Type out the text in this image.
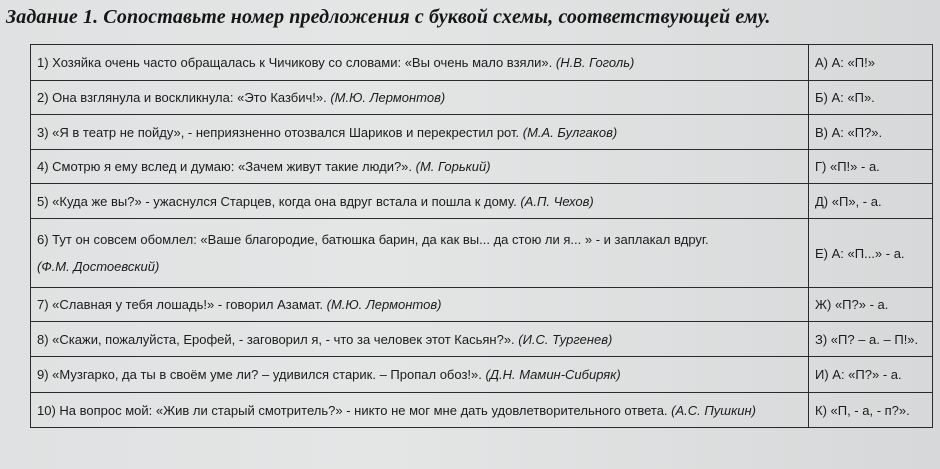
Задание 1. Сопоставьте номер предложения с буквой схемы, соответствующей ему.
1) Хозяйка очень часто обращалась к Чичикову со словами: «Вы очень мало взяли». (Н.В. Гоголь)	А) А: «П!»
2) Она взглянула и воскликнула: «Это Казбич!». (М.Ю. Лермонтов)	Б) А: «П».
3) «Я в театр не пойду», - неприязненно отозвался Шариков и перекрестил рот. (М.А. Булгаков)	В) А: «П?».
4) Смотрю я ему вслед и думаю: «Зачем живут такие люди?». (М. Горький)	Г) «П!» - а.
5) «Куда же вы?» - ужаснулся Старцев, когда она вдруг встала и пошла к дому. (А.П. Чехов)	Д) «П», - а.
6) Тут он совсем обомлел: «Ваше благородие, батюшка барин, да как вы... да стою ли я... » - и заплакал вдруг.
(Ф.М. Достоевский)	Е) А: «П...» - а.
7) «Славная у тебя лошадь!» - говорил Азамат. (М.Ю. Лермонтов)	Ж) «П?» - а.
8) «Скажи, пожалуйста, Ерофей, - заговорил я, - что за человек этот Касьян?». (И.С. Тургенев)	З) «П? – а. – П!».
9) «Музгарко, да ты в своём уме ли? – удивился старик. – Пропал обоз!». (Д.Н. Мамин-Сибиряк)	И) А: «П?» - а.
10) На вопрос мой: «Жив ли старый смотритель?» - никто не мог мне дать удовлетворительного ответа. (А.С. Пушкин)	К) «П, - а, - п?».
